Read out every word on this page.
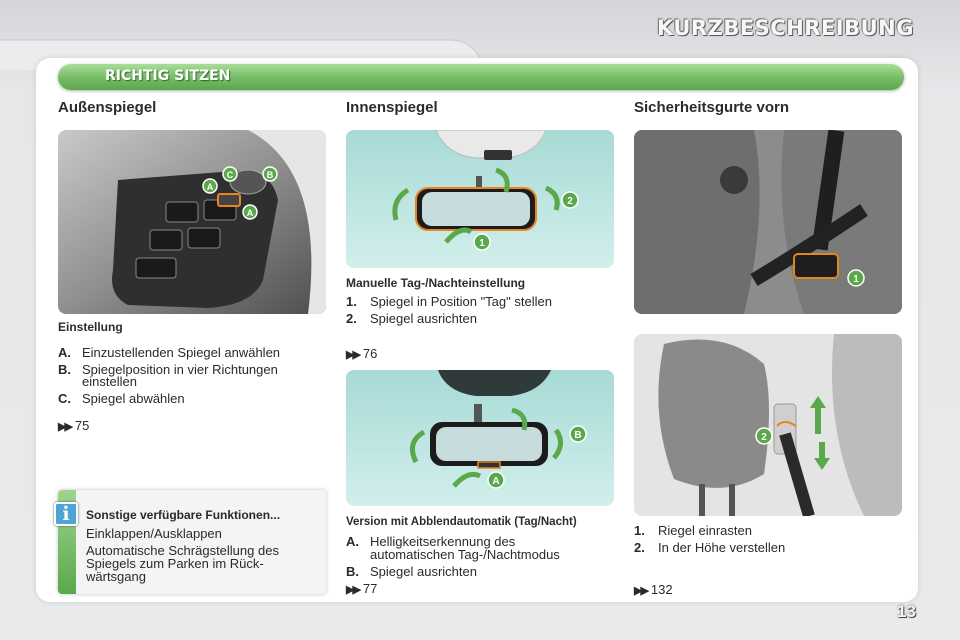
KURZBESCHREIBUNG
RICHTIG SITZEN
Außenspiegel
A
C	B
A
Einstellung
A. Einzustellenden Spiegel anwählen
B. Spiegelposition in vier Richtungen
einstellen
C. Spiegel abwählen
▶▶ 75
Sonstige verfügbare Funktionen...
Einklappen/Ausklappen
Automatische Schrägstellung des
Spiegels zum Parken im Rück-
wärtsgang
i
Innenspiegel
2
1
Manuelle Tag-/Nachteinstellung
1. Spiegel in Position "Tag" stellen
2. Spiegel ausrichten
▶▶ 76
B
A
Version mit Abblendautomatik (Tag/Nacht)
A. Helligkeitserkennung des
automatischen Tag-/Nachtmodus
B. Spiegel ausrichten
▶▶ 77
Sicherheitsgurte vorn
1
2
1. Riegel einrasten
2. In der Höhe verstellen
▶▶ 132
13
